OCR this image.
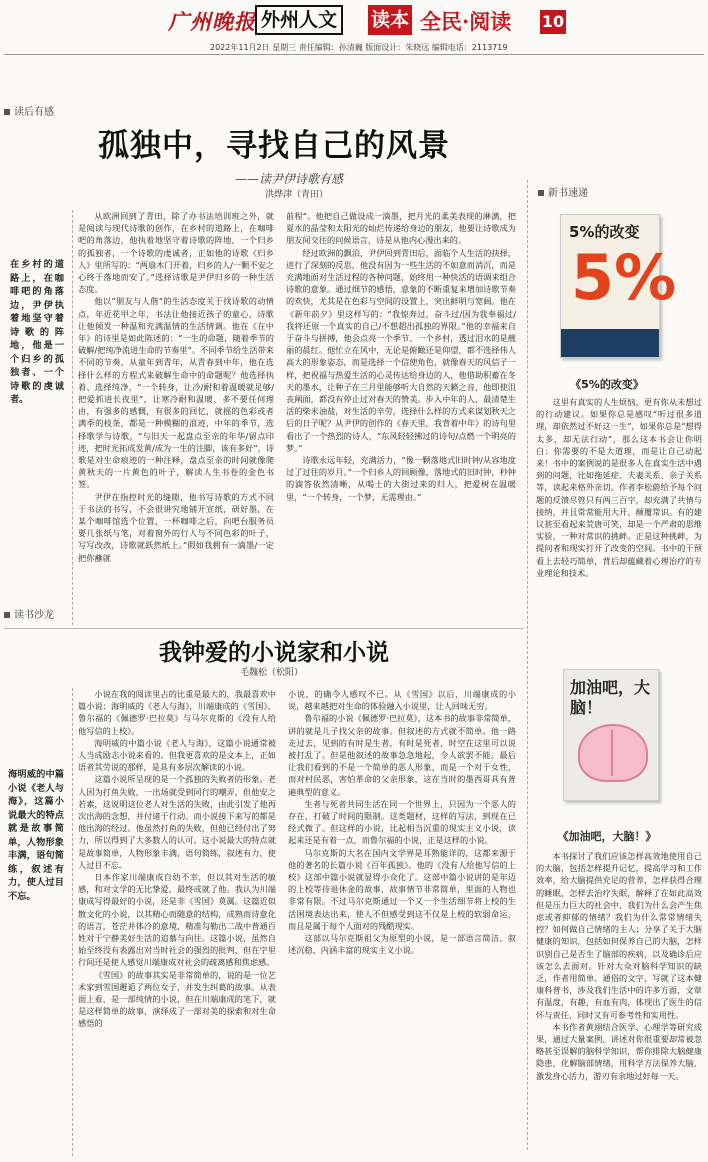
广州晚报 外州人文	读本 全民·阅读 10
2022年11月2日 星期三 责任编辑：孙清巍 版面设计：朱晓远 编辑电话：2113719
读后有感
孤独中，寻找自己的风景
——读尹伊诗歌有感
洪烨津（青田）
在乡村的道路上，在咖啡吧的角落边，尹伊执着地坚守着诗歌的阵地，他是一个归乡的孤独者、一个诗歌的虔诚者。

从欧洲回到了青田，除了办书法培训班之外，就是阅读与现代诗歌的创作，在乡村的道路上，在咖啡吧的角落边，他执着地坚守着诗歌的阵地，一个归乡的孤独者，一个诗歌的虔诚者，正如他的诗歌《归乡人》里所写的：“两扇木门开着，归乡的人/一颗不安之心终于落地而安了。”选择诗歌是尹伊归乡的一种生活态度。

他以“朋友与人偕”的生活态度关于找诗歌的动情点，年近花甲之年，书法让他接近孩子的童心，诗歌让他倾发一种温和充满温情的生活情调。他在《在中年》的诗里是如此陈述的：“一生的命题，随着季节的破解/把纯净流进生命的节奏里”。不同季节给生活带来不同的节奏，从童年到青年，从青春到中年，他在选择什么样的方程式来破解生命中的命题呢？他选择执着、选择纯净，“一个转身，让冷/耐和着温暖就足够/把爱抓进长夜里”，让寒冷耐和温暖，多不要任何理由，有强多的感慨，有很多的回忆，就摇的色彩或者满季的枝条，都是一种模糊的浪迹，中年的季节，选择歌学与诗歌，“与旧天一起盘点至亲的年华/留点印迹，把时光拓成发黄/成为一生的注脚，该有多好”，诗歌是对生命痕迹的一种注释，盘点至亲的时间就像爬黄秋天的一片黄色的叶子，解读人生书卷的金色书签。

尹伊在指控时光的缝隙，他书写诗歌的方式不同于书法的书写，不会很讲究地铺开宣纸，研好墨，在某个咖啡馆选个位置，一杯咖啡之后，向吧台服务员要几张纸与笔，对着窗外的行人与不同色彩的叶子，写写改改，诗歌就跃然纸上。”假如我拥有一滴墨/一定把你蘸就

前程”。他把自己做设成一滴墨，把月光的柔美表现的淋漓，把夏水的晶莹和太阳光的灿烂传递给身边的朋友，他要让诗歌成为朋友间交往的问候语言，诗是从他内心漫出来的。

经过欧洲的飘泊，尹伊回到青田后，面临个人生活的抉择，进行了深刻的反思，他没有因为一些生活的不如意而消沉，而是充满地面对生活过程的各种问题，始终用一种快活的语调来组合诗歌的意象。通过细节的感悟，意象的不断重复来增加诗歌节奏的欢快，尤其是在色彩与空间的设置上，突出鲜明与宽阔。他在《新年前夕》里这样写的：“我惊奔过，奋斗过/因为我奉福过/我将还原一个真实的自己/不想超出孤独的界限。”他的幸福来自于奋斗与拼搏，他会点亮一个季节、一个乡村，透过泪水的是靓丽的晨红。他忙立在风中，无论是俯瞰还是仰望，都不选择伟人高大的形象姿态，而是选择一个信使角色，就像春天的风信子一样，把祝福与热爱生活的心灵传达给身边的人，他借助积蓄在冬天的墨水，让种子在三月里能够听大自然的天籁之音，他即使沮丧阐面，都没有停止过对春天的赞美。步入中年的人，最清楚生活的柴米油盐，对生活的辛劳，选择什么样的方式来谋划秋天之后的日子呢？从尹伊的创作的《春天里，我背着中年》的诗句里看出了一个热烈的诗人，“东风轻轻拂过的诗句/点燃一个明亮的梦。”

诗歌永远年轻，充满活力，“像一颗落地式旧时钟/从容地度过了过往的岁月。”一个归乡人的回顾像，落地式的旧时钟，秒钟的滴答依然清晰，从喝士的大街过来的归人，把爱树在温暖里，“一个转身，一个梦，无需理由。”

读书沙龙
我钟爱的小说家和小说
毛魏松（松阳）
海明威的中篇小说《老人与海》，这篇小说最大的特点就是故事简单，人物形象丰满，语句简练，叙述有力，使人过目不忘。

小说在我的阅读里占的比重是最大的，我最喜欢中篇小说：海明威的《老人与海》，川端康成的《雪国》，鲁尔福的《佩德罗·巴拉莫》与马尔克斯的《没有人给他写信的上校》。

海明威的中篇小说《老人与海》，这篇小说通常被人当成励志小说来看的。但我更喜欢的是文本上，正如语者其劳说的那样，是具有多层次解读的小说。

这篇小说所呈现的是一个孤独的失败者的形象。老人因为打鱼失败，一出场就受到同行的嘲弄，但他安之若素，这说明这位老人对生活的失败，由此引发了他再次出海的念想，并付诸于行动。而小说接下来写的都是他出海的经过。他虽然打鱼的失败，但他已经付出了努力，所以得到了大多数人的认可。这小说最大的特点就是故事简单，人物形象丰满，语句简练，叙述有力，使人过目不忘。

日本作家川端康成自幼不幸，但以其对生活的敏感，和对文学的无比挚爱，最终成就了他。我认为川端康成写得最好的小说，还是非《雪国》莫属。这篇近似散文化的小说，以其精心而随意的结构，成熟而诗意化的语言，苍茫并体冷的意境，精准勾勒出二战中普通百姓对于宁静美好生活的追慕与向往。这篇小说，虽然自始至终没有表露出对当时社会的强烈的批判，但在字里行间还是使人感觉川端康成对社会的疏离感和焦虑感。

《雪国》的故事其实是非常简单的，说的是一位艺术家到雪国邂逅了两位女子，并发生纠葛的故事。从表面上看，是一部纯情的小说，但在川端康成的笔下，就是这样简单的故事，演绎成了一部对美的探索和对生命感悟的

小说，的确令人感叹不已。从《雪国》以后，川端康成的小说，越来越把对生命的体验融入小说里，让人回味无穷。

鲁尔福的小说《佩德罗·巴拉莫》，这本书的故事非常简单，讲的就是儿子找父亲的故事。但叙述的方式就不简单。他一路走过去，见到的有时是生者，有时是死者，时空在这里可以说被打乱了。但是他叙述的故事急急地起，令人欲罢不能。最后让我们看到的不是一个简单的恶人形象，而是一个对于女性，而对村民恶，害怕革命的父亲形象，这在当时的墨西哥具有普遍典型的意义。

生者与死者共同生活在同一个世界上，只因为一个恶人的存在，打破了时间的限制。这类题材，这样的写法，到现在已经式微了。但这样的小说，比起相当沉重的现实主义小说，读起来还是有着一点，而鲁尔福的小说，正是这样的小说。

马尔克斯的大名在国内文学界是耳熟能详的，这都来源于他的著名的长篇小说《百年孤独》。他的《没有人给他写信的上校》这部中篇小说就显得小众化了。这部中篇小说讲的是年迈的上校等待退休金的故事，故事情节非常简单，里面的人物也非常有限。不过马尔克斯通过一个又一个生活细节将上校的生活困境表达出来，使人不但感受到这不仅是上校的软弱命运，而且是属于每个人面对的残酷现实。

这部以马尔克斯祖父为原型的小说，是一部语言简洁、叙述沉稳、内涵丰富的现实主义小说。

新书速递
5%的改变
5%
《5%的改变》

这里有真实的人生烦恼，更有你从未想过的行动建议。如果你总是感叹“听过很多道理，却依然过不好这一生”，如果你总是“想得太多，却无法行动”，那么这本书会让你明白：你需要的不是大道理，而是让自己动起来！书中的案例说的是很多人在真实生活中遇到的问题，比如拖延症、夫妻关系、亲子关系等，读起来格外亲切。作者李松蔚给予每个问题的反馈尽管只有两三百字，却充满了共情与接纳，并且常常能用大开、颠覆常识。有的建议甚至看起来荒唐可笑，却是一个严肃的思维实验，一种对常识的挑衅。正是这种挑衅，为提问者和现实打开了改变的空间。书中的干预看上去轻巧简单，背后却蕴藏着心理治疗的专业理论和技术。

加油吧，大脑！
《加油吧，大脑！》

本书探讨了我们应该怎样高效地使用自己的大脑，包括怎样提升记忆，提高学习和工作效率，给大脑提供充足的营养，怎样获得合理的睡眠，怎样去治疗失眠，解释了在如此高效但是压力巨大的社会中，我们为什么会产生焦虑或者抑郁的情绪？我们为什么常常情绪失控？如何做自己情绪的主人；分享了关于大脑健康的知识，包括如何保养自己的大脑，怎样识别自己是否生了脑部的疾病，以及确诊后应该怎么去面对。针对大众对脑科学知识的缺乏，作者用简单、通俗的文字，写就了这本健康科普书，涉及我们生活中的许多方面，文章有温度，有趣，有血有肉，体现出了医生的信怀与责任，同时又有可参考性和实用性。

本书作者黄翊结合医学、心理学等研究成果，通过大量案例，讲述对你很重要却常被忽略甚至误解的脑科学知识，帮你排除大脑健康隐患，化解脑部情绪，用科学方法保养大脑，激发身心活力，游刃有余地过好每一天。
